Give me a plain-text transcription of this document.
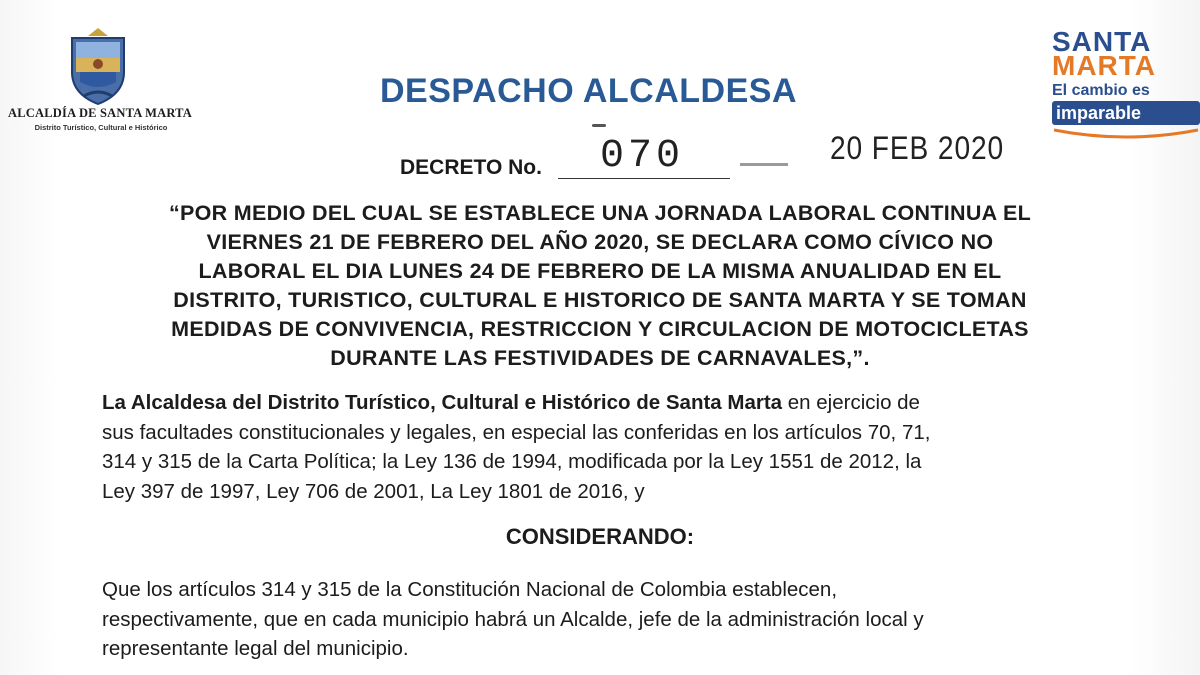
ALCALDÍA DE SANTA MARTA
Distrito Turístico, Cultural e Histórico
SANTA
MARTA
El cambio es
imparable
DESPACHO ALCALDESA
DECRETO No. 070	20 FEB 2020
“POR MEDIO DEL CUAL SE ESTABLECE UNA JORNADA LABORAL CONTINUA EL
VIERNES 21 DE FEBRERO DEL AÑO 2020, SE DECLARA COMO CÍVICO NO
LABORAL EL DIA LUNES 24 DE FEBRERO DE LA MISMA ANUALIDAD EN EL
DISTRITO, TURISTICO, CULTURAL E HISTORICO DE SANTA MARTA Y SE TOMAN
MEDIDAS DE CONVIVENCIA, RESTRICCION Y CIRCULACION DE MOTOCICLETAS
DURANTE LAS FESTIVIDADES DE CARNAVALES,”.
La Alcaldesa del Distrito Turístico, Cultural e Histórico de Santa Marta en ejercicio de
sus facultades constitucionales y legales, en especial las conferidas en los artículos 70, 71,
314 y 315 de la Carta Política; la Ley 136 de 1994, modificada por la Ley 1551 de 2012, la
Ley 397 de 1997, Ley 706 de 2001, La Ley 1801 de 2016, y
CONSIDERANDO:
Que los artículos 314 y 315 de la Constitución Nacional de Colombia establecen,
respectivamente, que en cada municipio habrá un Alcalde, jefe de la administración local y
representante legal del municipio.
